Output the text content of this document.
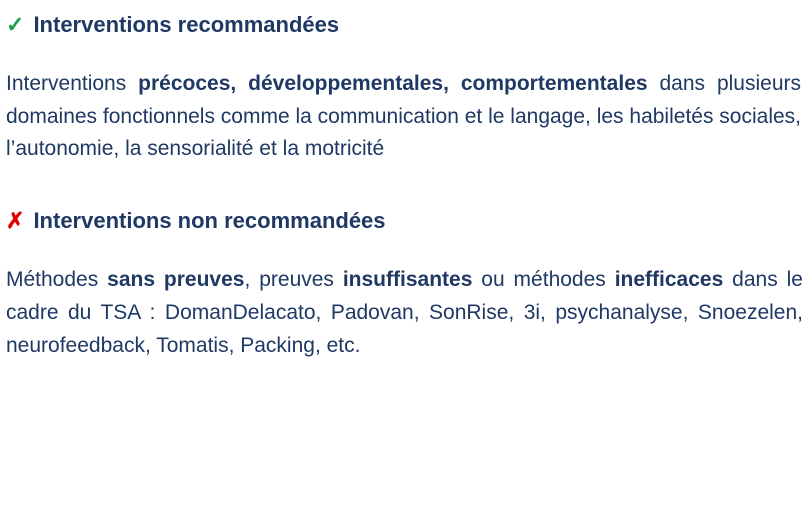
✓ Interventions recommandées

Interventions précoces, développementales, comportementales dans plusieurs domaines fonctionnels comme la communication et le langage, les habiletés sociales, l’autonomie, la sensorialité et la motricité

✗ Interventions non recommandées

Méthodes sans preuves, preuves insuffisantes ou méthodes inefficaces dans le cadre du TSA : DomanDelacato, Padovan, SonRise, 3i, psychanalyse, Snoezelen, neurofeedback, Tomatis, Packing, etc.
